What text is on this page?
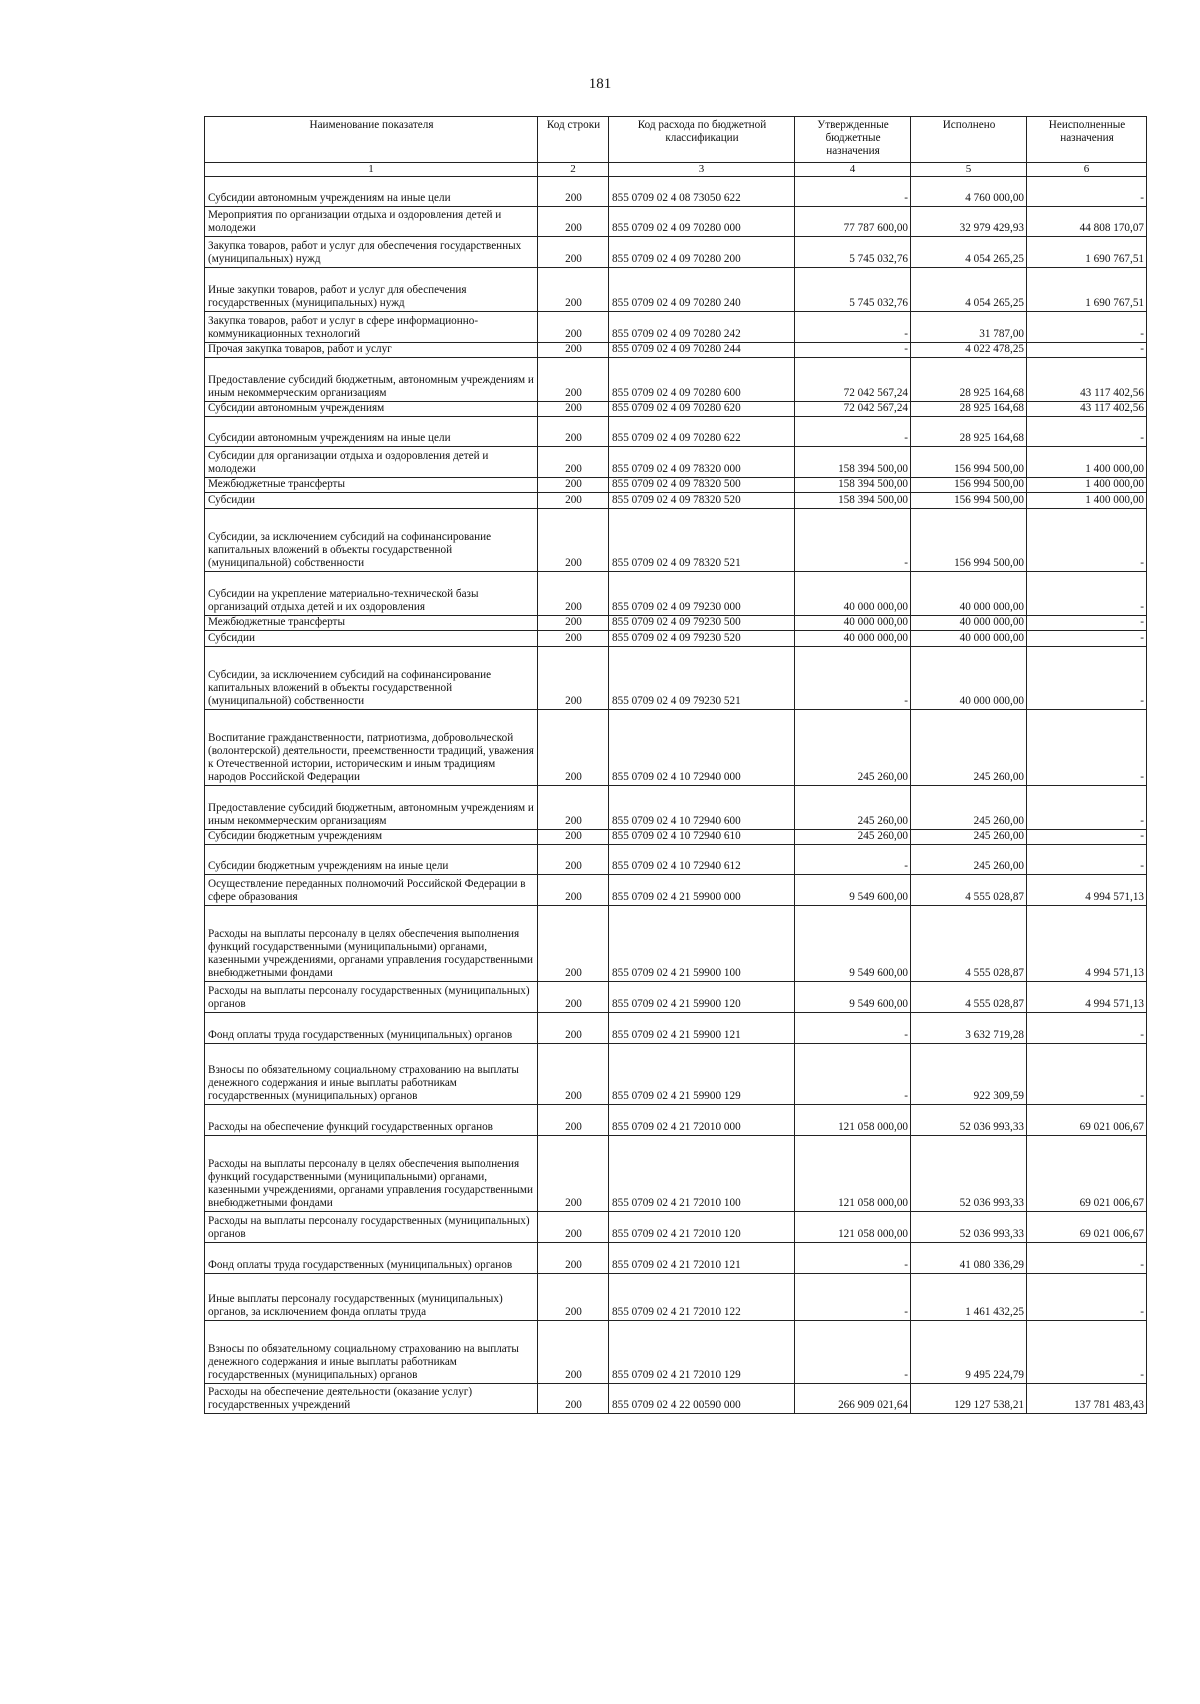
181
Наименование показателя	Код строки	Код расхода по бюджетной классификации	Утвержденные бюджетные назначения	Исполнено	Неисполненные назначения
1	2	3	4	5	6
Субсидии автономным учреждениям на иные цели	200	855 0709 02 4 08 73050 622	-	4 760 000,00	-
Мероприятия по организации отдыха и оздоровления детей и молодежи	200	855 0709 02 4 09 70280 000	77 787 600,00	32 979 429,93	44 808 170,07
Закупка товаров, работ и услуг для обеспечения государственных (муниципальных) нужд	200	855 0709 02 4 09 70280 200	5 745 032,76	4 054 265,25	1 690 767,51
Иные закупки товаров, работ и услуг для обеспечения государственных (муниципальных) нужд	200	855 0709 02 4 09 70280 240	5 745 032,76	4 054 265,25	1 690 767,51
Закупка товаров, работ и услуг в сфере информационно-коммуникационных технологий	200	855 0709 02 4 09 70280 242	-	31 787,00	-
Прочая закупка товаров, работ и услуг	200	855 0709 02 4 09 70280 244	-	4 022 478,25	-
Предоставление субсидий бюджетным, автономным учреждениям и иным некоммерческим организациям	200	855 0709 02 4 09 70280 600	72 042 567,24	28 925 164,68	43 117 402,56
Субсидии автономным учреждениям	200	855 0709 02 4 09 70280 620	72 042 567,24	28 925 164,68	43 117 402,56
Субсидии автономным учреждениям на иные цели	200	855 0709 02 4 09 70280 622	-	28 925 164,68	-
Субсидии для организации отдыха и оздоровления детей и молодежи	200	855 0709 02 4 09 78320 000	158 394 500,00	156 994 500,00	1 400 000,00
Межбюджетные трансферты	200	855 0709 02 4 09 78320 500	158 394 500,00	156 994 500,00	1 400 000,00
Субсидии	200	855 0709 02 4 09 78320 520	158 394 500,00	156 994 500,00	1 400 000,00
Субсидии, за исключением субсидий на софинансирование капитальных вложений в объекты государственной (муниципальной) собственности	200	855 0709 02 4 09 78320 521	-	156 994 500,00	-
Субсидии на укрепление материально-технической базы организаций отдыха детей и их оздоровления	200	855 0709 02 4 09 79230 000	40 000 000,00	40 000 000,00	-
Межбюджетные трансферты	200	855 0709 02 4 09 79230 500	40 000 000,00	40 000 000,00	-
Субсидии	200	855 0709 02 4 09 79230 520	40 000 000,00	40 000 000,00	-
Субсидии, за исключением субсидий на софинансирование капитальных вложений в объекты государственной (муниципальной) собственности	200	855 0709 02 4 09 79230 521	-	40 000 000,00	-
Воспитание гражданственности, патриотизма, добровольческой (волонтерской) деятельности, преемственности традиций, уважения к Отечественной истории, историческим и иным традициям народов Российской Федерации	200	855 0709 02 4 10 72940 000	245 260,00	245 260,00	-
Предоставление субсидий бюджетным, автономным учреждениям и иным некоммерческим организациям	200	855 0709 02 4 10 72940 600	245 260,00	245 260,00	-
Субсидии бюджетным учреждениям	200	855 0709 02 4 10 72940 610	245 260,00	245 260,00	-
Субсидии бюджетным учреждениям на иные цели	200	855 0709 02 4 10 72940 612	-	245 260,00	-
Осуществление переданных полномочий Российской Федерации в сфере образования	200	855 0709 02 4 21 59900 000	9 549 600,00	4 555 028,87	4 994 571,13
Расходы на выплаты персоналу в целях обеспечения выполнения функций государственными (муниципальными) органами, казенными учреждениями, органами управления государственными внебюджетными фондами	200	855 0709 02 4 21 59900 100	9 549 600,00	4 555 028,87	4 994 571,13
Расходы на выплаты персоналу государственных (муниципальных) органов	200	855 0709 02 4 21 59900 120	9 549 600,00	4 555 028,87	4 994 571,13
Фонд оплаты труда государственных (муниципальных) органов	200	855 0709 02 4 21 59900 121	-	3 632 719,28	-
Взносы по обязательному социальному страхованию на выплаты денежного содержания и иные выплаты работникам государственных (муниципальных) органов	200	855 0709 02 4 21 59900 129	-	922 309,59	-
Расходы на обеспечение функций государственных органов	200	855 0709 02 4 21 72010 000	121 058 000,00	52 036 993,33	69 021 006,67
Расходы на выплаты персоналу в целях обеспечения выполнения функций государственными (муниципальными) органами, казенными учреждениями, органами управления государственными внебюджетными фондами	200	855 0709 02 4 21 72010 100	121 058 000,00	52 036 993,33	69 021 006,67
Расходы на выплаты персоналу государственных (муниципальных) органов	200	855 0709 02 4 21 72010 120	121 058 000,00	52 036 993,33	69 021 006,67
Фонд оплаты труда государственных (муниципальных) органов	200	855 0709 02 4 21 72010 121	-	41 080 336,29	-
Иные выплаты персоналу государственных (муниципальных) органов, за исключением фонда оплаты труда	200	855 0709 02 4 21 72010 122	-	1 461 432,25	-
Взносы по обязательному социальному страхованию на выплаты денежного содержания и иные выплаты работникам государственных (муниципальных) органов	200	855 0709 02 4 21 72010 129	-	9 495 224,79	-
Расходы на обеспечение деятельности (оказание услуг) государственных учреждений	200	855 0709 02 4 22 00590 000	266 909 021,64	129 127 538,21	137 781 483,43
